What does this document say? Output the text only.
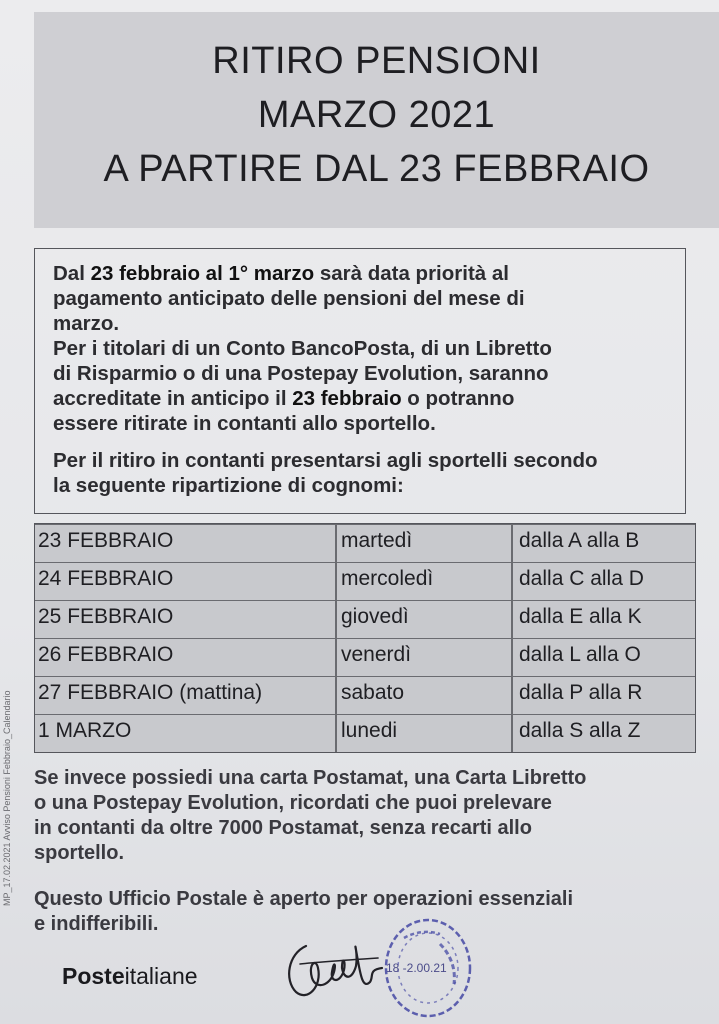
RITIRO PENSIONI
MARZO 2021
A PARTIRE DAL 23 FEBBRAIO

Dal 23 febbraio al 1° marzo sarà data priorità al

pagamento anticipato delle pensioni del mese di

marzo.

Per i titolari di un Conto BancoPosta, di un Libretto

di Risparmio o di una Postepay Evolution, saranno

accreditate in anticipo il 23 febbraio o potranno

essere ritirate in contanti allo sportello.

Per il ritiro in contanti presentarsi agli sportelli secondo

la seguente ripartizione di cognomi:

23 FEBBRAIO	martedì	dalla A alla B
24 FEBBRAIO	mercoledì	dalla C alla D
25 FEBBRAIO	giovedì	dalla E alla K
26 FEBBRAIO	venerdì	dalla L alla O
27 FEBBRAIO (mattina)	sabato	dalla P alla R
1 MARZO	lunedi	dalla S alla Z
Se invece possiedi una carta Postamat, una Carta Libretto
o una Postepay Evolution, ricordati che puoi prelevare
in contanti da oltre 7000 Postamat, senza recarti allo
sportello.
Questo Ufficio Postale è aperto per operazioni essenziali
e indifferibili.
MP_17.02.2021 Avviso Pensioni Febbraio_Calendario
Posteitaliane	18 -2.00.21
